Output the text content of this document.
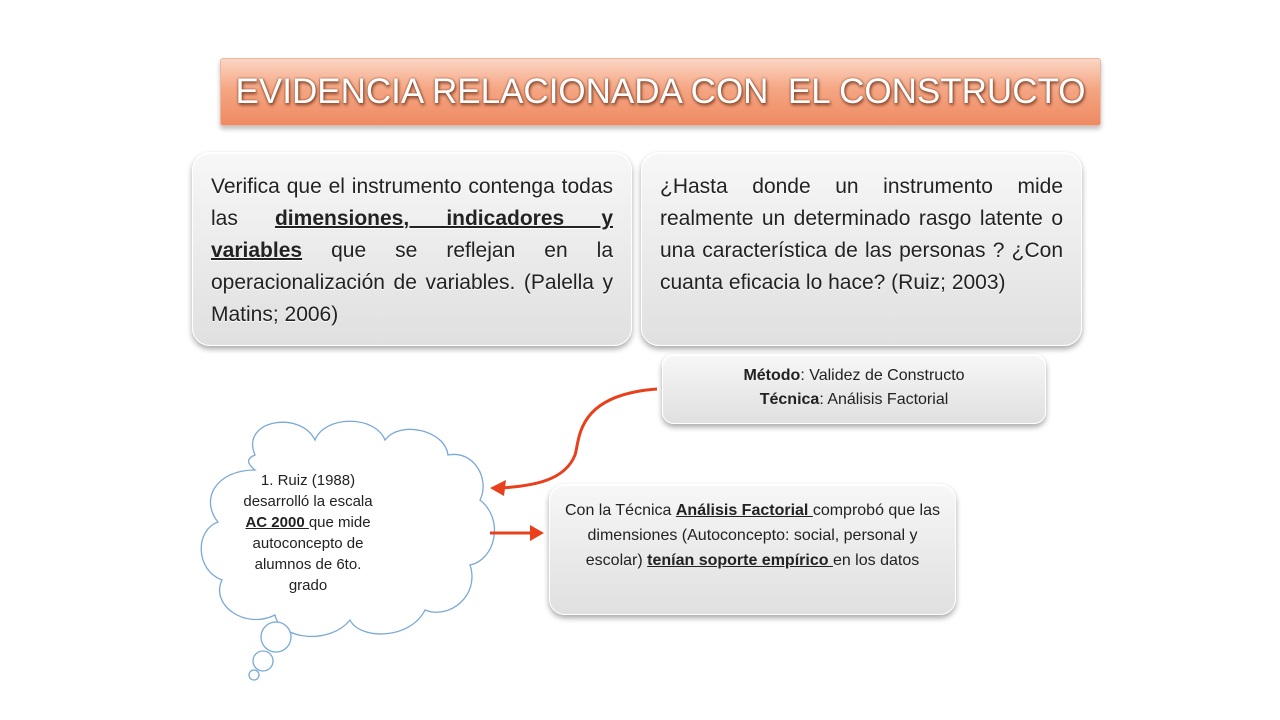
EVIDENCIA RELACIONADA CON  EL CONSTRUCTO
Verifica que el instrumento contenga todas las dimensiones, indicadores y variables que se reflejan en la operacionalización de variables. (Palella y Matins; 2006)
¿Hasta donde un instrumento mide realmente un determinado rasgo latente o una característica de las personas ? ¿Con cuanta eficacia lo hace? (Ruiz; 2003)
Método: Validez de Constructo
Técnica: Análisis Factorial
Con la Técnica Análisis Factorial comprobó que las dimensiones (Autoconcepto: social, personal y escolar) tenían soporte empírico en los datos
1. Ruiz (1988) desarrolló la escala AC 2000 que mide autoconcepto de alumnos de 6to. grado
